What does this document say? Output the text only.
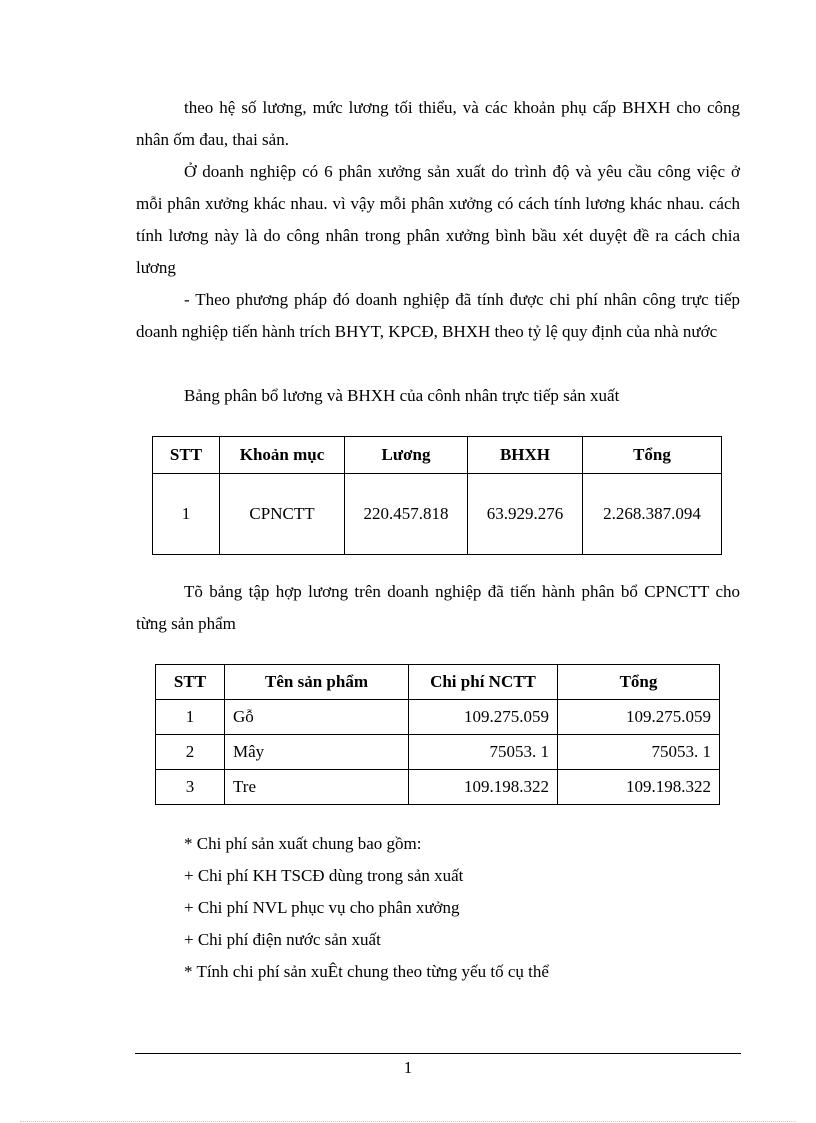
theo hệ số lương, mức lương tối thiểu, và các khoản phụ cấp BHXH cho công nhân ốm đau, thai sản.

Ở doanh nghiệp có 6 phân xưởng sản xuất do trình độ và yêu cầu công việc ở mỗi phân xưởng khác nhau. vì vậy mỗi phân xưởng có cách tính lương khác nhau. cách tính lương này là do công nhân trong phân xưởng bình bầu xét duyệt đề ra cách chia lương

- Theo phương pháp đó doanh nghiệp đã tính được chi phí nhân công trực tiếp doanh nghiệp tiến hành trích BHYT, KPCĐ, BHXH theo tỷ lệ quy định của nhà nước

Bảng phân bổ lương và BHXH của cônh nhân trực tiếp sản xuất

STT	Khoản mục	Lương	BHXH	Tổng
1	CPNCTT	220.457.818	63.929.276	2.268.387.094

Tõ bảng tập hợp lương trên doanh nghiệp đã tiến hành phân bổ CPNCTT cho từng sản phẩm

STT	Tên sản phẩm	Chi phí NCTT	Tổng
1	Gỗ	109.275.059	109.275.059
2	Mây	75053. 1	75053. 1
3	Tre	109.198.322	109.198.322

* Chi phí sản xuất chung bao gồm:

+ Chi phí KH TSCĐ dùng trong sản xuất

+ Chi phí NVL phục vụ cho phân xưởng

+ Chi phí điện nước sản xuất

* Tính chi phí sản xuÊt chung theo từng yếu tố cụ thể

1
